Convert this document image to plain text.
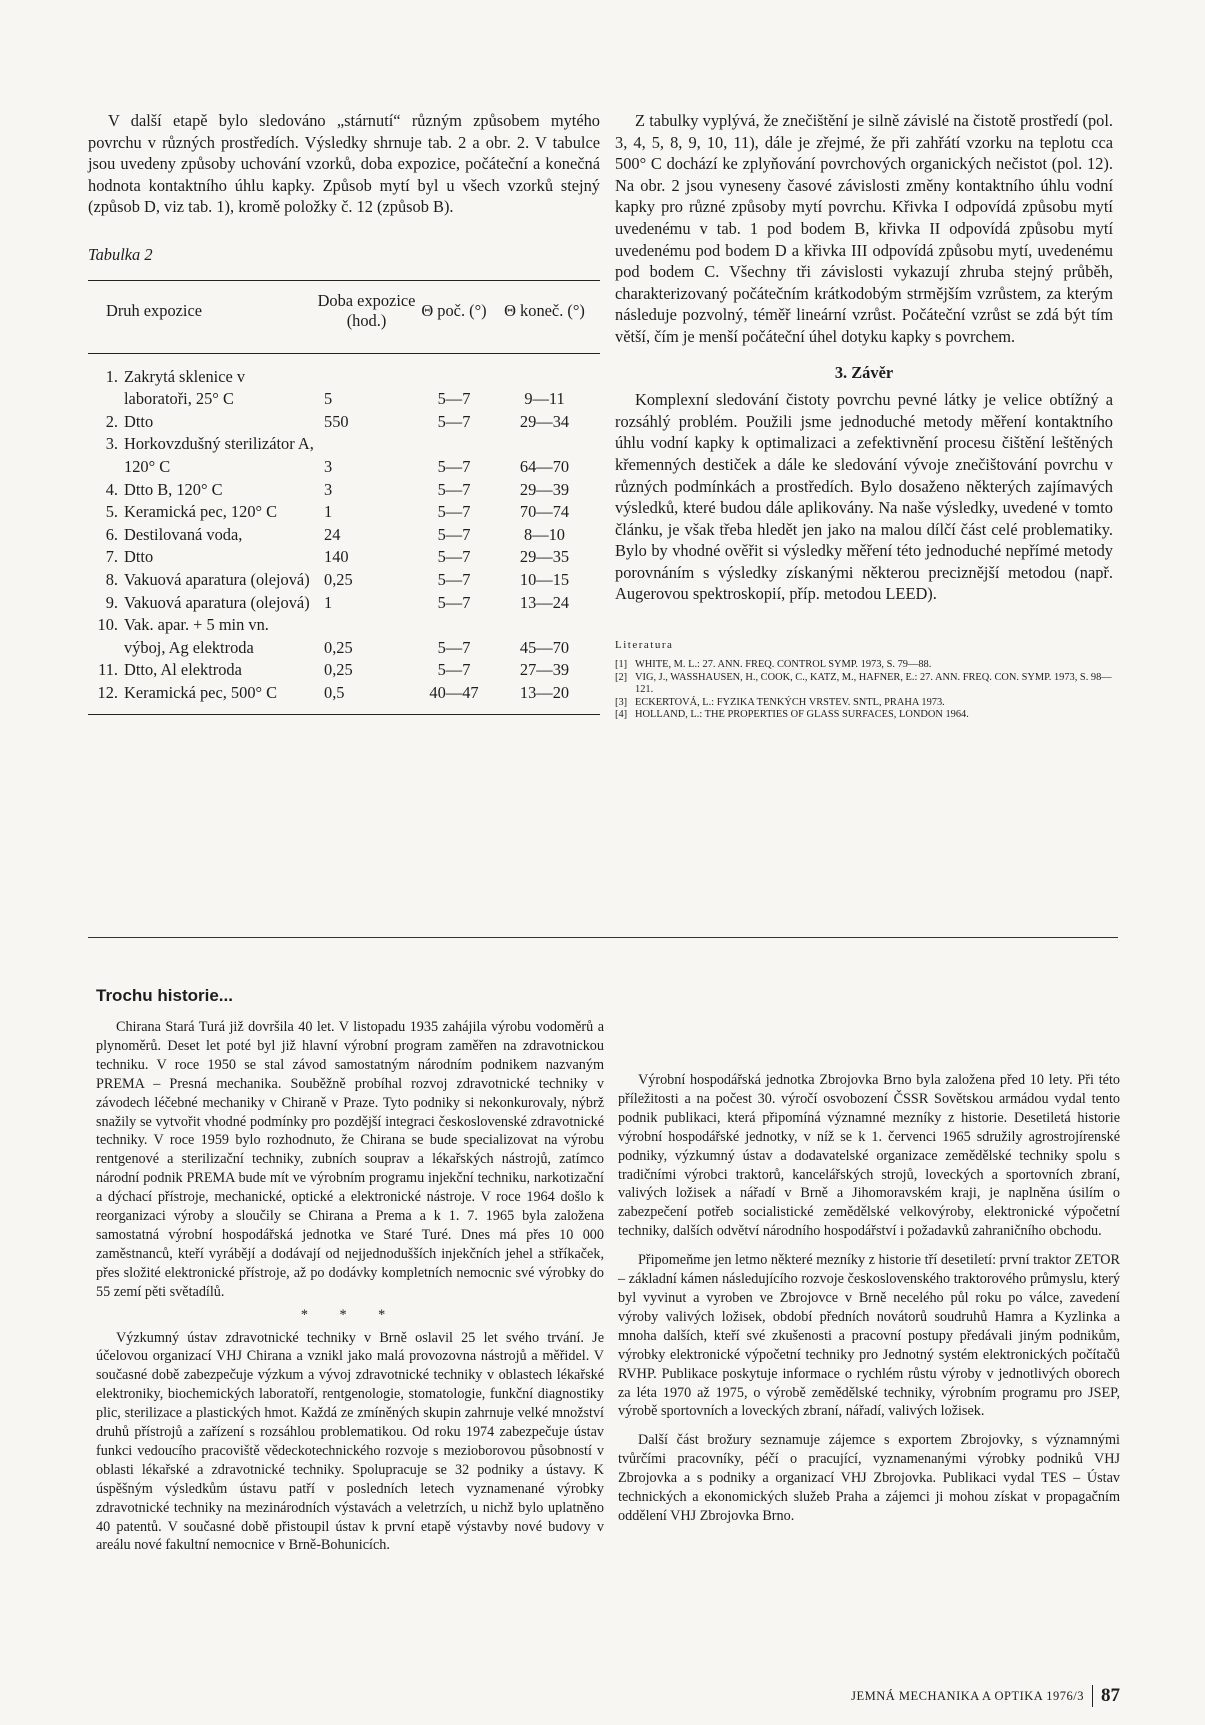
V další etapě bylo sledováno „stárnutí“ různým způsobem mytého povrchu v různých prostředích. Výsledky shrnuje tab. 2 a obr. 2. V tabulce jsou uvedeny způsoby uchování vzorků, doba expozice, počáteční a konečná hodnota kontaktního úhlu kapky. Způsob mytí byl u všech vzorků stejný (způsob D, viz tab. 1), kromě položky č. 12 (způsob B).

Tabulka 2
Druh expozice		Doba expozice (hod.)	Θ poč. (°)	Θ koneč. (°)
1.	Zakrytá sklenice v laboratoři, 25° C	5	5—7	9—11
2.	Dtto	550	5—7	29—34
3.	Horkovzdušný sterilizátor A, 120° C	3	5—7	64—70
4.	Dtto B, 120° C	3	5—7	29—39
5.	Keramická pec, 120° C	1	5—7	70—74
6.	Destilovaná voda,	24	5—7	8—10
7.	Dtto	140	5—7	29—35
8.	Vakuová aparatura (olejová)	0,25	5—7	10—15
9.	Vakuová aparatura (olejová)	1	5—7	13—24
10.	Vak. apar. + 5 min vn. výboj, Ag elektroda	0,25	5—7	45—70
11.	Dtto, Al elektroda	0,25	5—7	27—39
12.	Keramická pec, 500° C	0,5	40—47	13—20

Z tabulky vyplývá, že znečištění je silně závislé na čistotě prostředí (pol. 3, 4, 5, 8, 9, 10, 11), dále je zřejmé, že při zahřátí vzorku na teplotu cca 500° C dochází ke zplyňování povrchových organických nečistot (pol. 12). Na obr. 2 jsou vyneseny časové závislosti změny kontaktního úhlu vodní kapky pro různé způsoby mytí povrchu. Křivka I odpovídá způsobu mytí uvedenému v tab. 1 pod bodem B, křivka II odpovídá způsobu mytí uvedenému pod bodem D a křivka III odpovídá způsobu mytí, uvedenému pod bodem C. Všechny tři závislosti vykazují zhruba stejný průběh, charakterizovaný počátečním krátkodobým strmějším vzrůstem, za kterým následuje pozvolný, téměř lineární vzrůst. Počáteční vzrůst se zdá být tím větší, čím je menší počáteční úhel dotyku kapky s povrchem.

3. Závěr

Komplexní sledování čistoty povrchu pevné látky je velice obtížný a rozsáhlý problém. Použili jsme jednoduché metody měření kontaktního úhlu vodní kapky k optimalizaci a zefektivnění procesu čištění leštěných křemenných destiček a dále ke sledování vývoje znečištování povrchu v různých podmínkách a prostředích. Bylo dosaženo některých zajímavých výsledků, které budou dále aplikovány. Na naše výsledky, uvedené v tomto článku, je však třeba hledět jen jako na malou dílčí část celé problematiky. Bylo by vhodné ověřit si výsledky měření této jednoduché nepřímé metody porovnáním s výsledky získanými některou preciznější metodou (např. Augerovou spektroskopií, příp. metodou LEED).

Literatura
[1] WHITE, M. L.: 27. ANN. FREQ. CONTROL SYMP. 1973, S. 79—88.
[2] VIG, J., WASSHAUSEN, H., COOK, C., KATZ, M., HAFNER, E.: 27. ANN. FREQ. CON. SYMP. 1973, S. 98—121.
[3] ECKERTOVÁ, L.: FYZIKA TENKÝCH VRSTEV. SNTL, PRAHA 1973.
[4] HOLLAND, L.: THE PROPERTIES OF GLASS SURFACES, LONDON 1964.
Trochu historie...

Chirana Stará Turá již dovršila 40 let. V listopadu 1935 zahájila výrobu vodoměrů a plynoměrů. Deset let poté byl již hlavní výrobní program zaměřen na zdravotnickou techniku. V roce 1950 se stal závod samostatným národním podnikem nazvaným PREMA – Presná mechanika. Souběžně probíhal rozvoj zdravotnické techniky v závodech léčebné mechaniky v Chiraně v Praze. Tyto podniky si nekonkurovaly, nýbrž snažily se vytvořit vhodné podmínky pro pozdější integraci československé zdravotnické techniky. V roce 1959 bylo rozhodnuto, že Chirana se bude specializovat na výrobu rentgenové a sterilizační techniky, zubních souprav a lékařských nástrojů, zatímco národní podnik PREMA bude mít ve výrobním programu injekční techniku, narkotizační a dýchací přístroje, mechanické, optické a elektronické nástroje. V roce 1964 došlo k reorganizaci výroby a sloučily se Chirana a Prema a k 1. 7. 1965 byla založena samostatná výrobní hospodářská jednotka ve Staré Turé. Dnes má přes 10 000 zaměstnanců, kteří vyrábějí a dodávají od nejjednodušších injekčních jehel a stříkaček, přes složité elektronické přístroje, až po dodávky kompletních nemocnic své výrobky do 55 zemí pěti světadílů.

* * *

Výzkumný ústav zdravotnické techniky v Brně oslavil 25 let svého trvání. Je účelovou organizací VHJ Chirana a vznikl jako malá provozovna nástrojů a měřidel. V současné době zabezpečuje výzkum a vývoj zdravotnické techniky v oblastech lékařské elektroniky, biochemických laboratoří, rentgenologie, stomatologie, funkční diagnostiky plic, sterilizace a plastických hmot. Každá ze zmíněných skupin zahrnuje velké množství druhů přístrojů a zařízení s rozsáhlou problematikou. Od roku 1974 zabezpečuje ústav funkci vedoucího pracoviště vědeckotechnického rozvoje s mezioborovou působností v oblasti lékařské a zdravotnické techniky. Spolupracuje se 32 podniky a ústavy. K úspěšným výsledkům ústavu patří v posledních letech vyznamenané výrobky zdravotnické techniky na mezinárodních výstavách a veletrzích, u nichž bylo uplatněno 40 patentů. V současné době přistoupil ústav k první etapě výstavby nové budovy v areálu nové fakultní nemocnice v Brně-Bohunicích.

Výrobní hospodářská jednotka Zbrojovka Brno byla založena před 10 lety. Při této příležitosti a na počest 30. výročí osvobození ČSSR Sovětskou armádou vydal tento podnik publikaci, která připomíná významné mezníky z historie. Desetiletá historie výrobní hospodářské jednotky, v níž se k 1. červenci 1965 sdružily agrostrojírenské podniky, výzkumný ústav a dodavatelské organizace zemědělské techniky spolu s tradičními výrobci traktorů, kancelářských strojů, loveckých a sportovních zbraní, valivých ložisek a nářadí v Brně a Jihomoravském kraji, je naplněna úsilím o zabezpečení potřeb socialistické zemědělské velkovýroby, elektronické výpočetní techniky, dalších odvětví národního hospodářství i požadavků zahraničního obchodu.

Připomeňme jen letmo některé mezníky z historie tří desetiletí: první traktor ZETOR – základní kámen následujícího rozvoje československého traktorového průmyslu, který byl vyvinut a vyroben ve Zbrojovce v Brně necelého půl roku po válce, zavedení výroby valivých ložisek, období předních novátorů soudruhů Hamra a Kyzlinka a mnoha dalších, kteří své zkušenosti a pracovní postupy předávali jiným podnikům, výrobky elektronické výpočetní techniky pro Jednotný systém elektronických počítačů RVHP. Publikace poskytuje informace o rychlém růstu výroby v jednotlivých oborech za léta 1970 až 1975, o výrobě zemědělské techniky, výrobním programu pro JSEP, výrobě sportovních a loveckých zbraní, nářadí, valivých ložisek.

Další část brožury seznamuje zájemce s exportem Zbrojovky, s významnými tvůrčími pracovníky, péčí o pracující, vyznamenanými výrobky podniků VHJ Zbrojovka a s podniky a organizací VHJ Zbrojovka. Publikaci vydal TES – Ústav technických a ekonomických služeb Praha a zájemci ji mohou získat v propagačním oddělení VHJ Zbrojovka Brno.

JEMNÁ MECHANIKA A OPTIKA 1976/3 87
